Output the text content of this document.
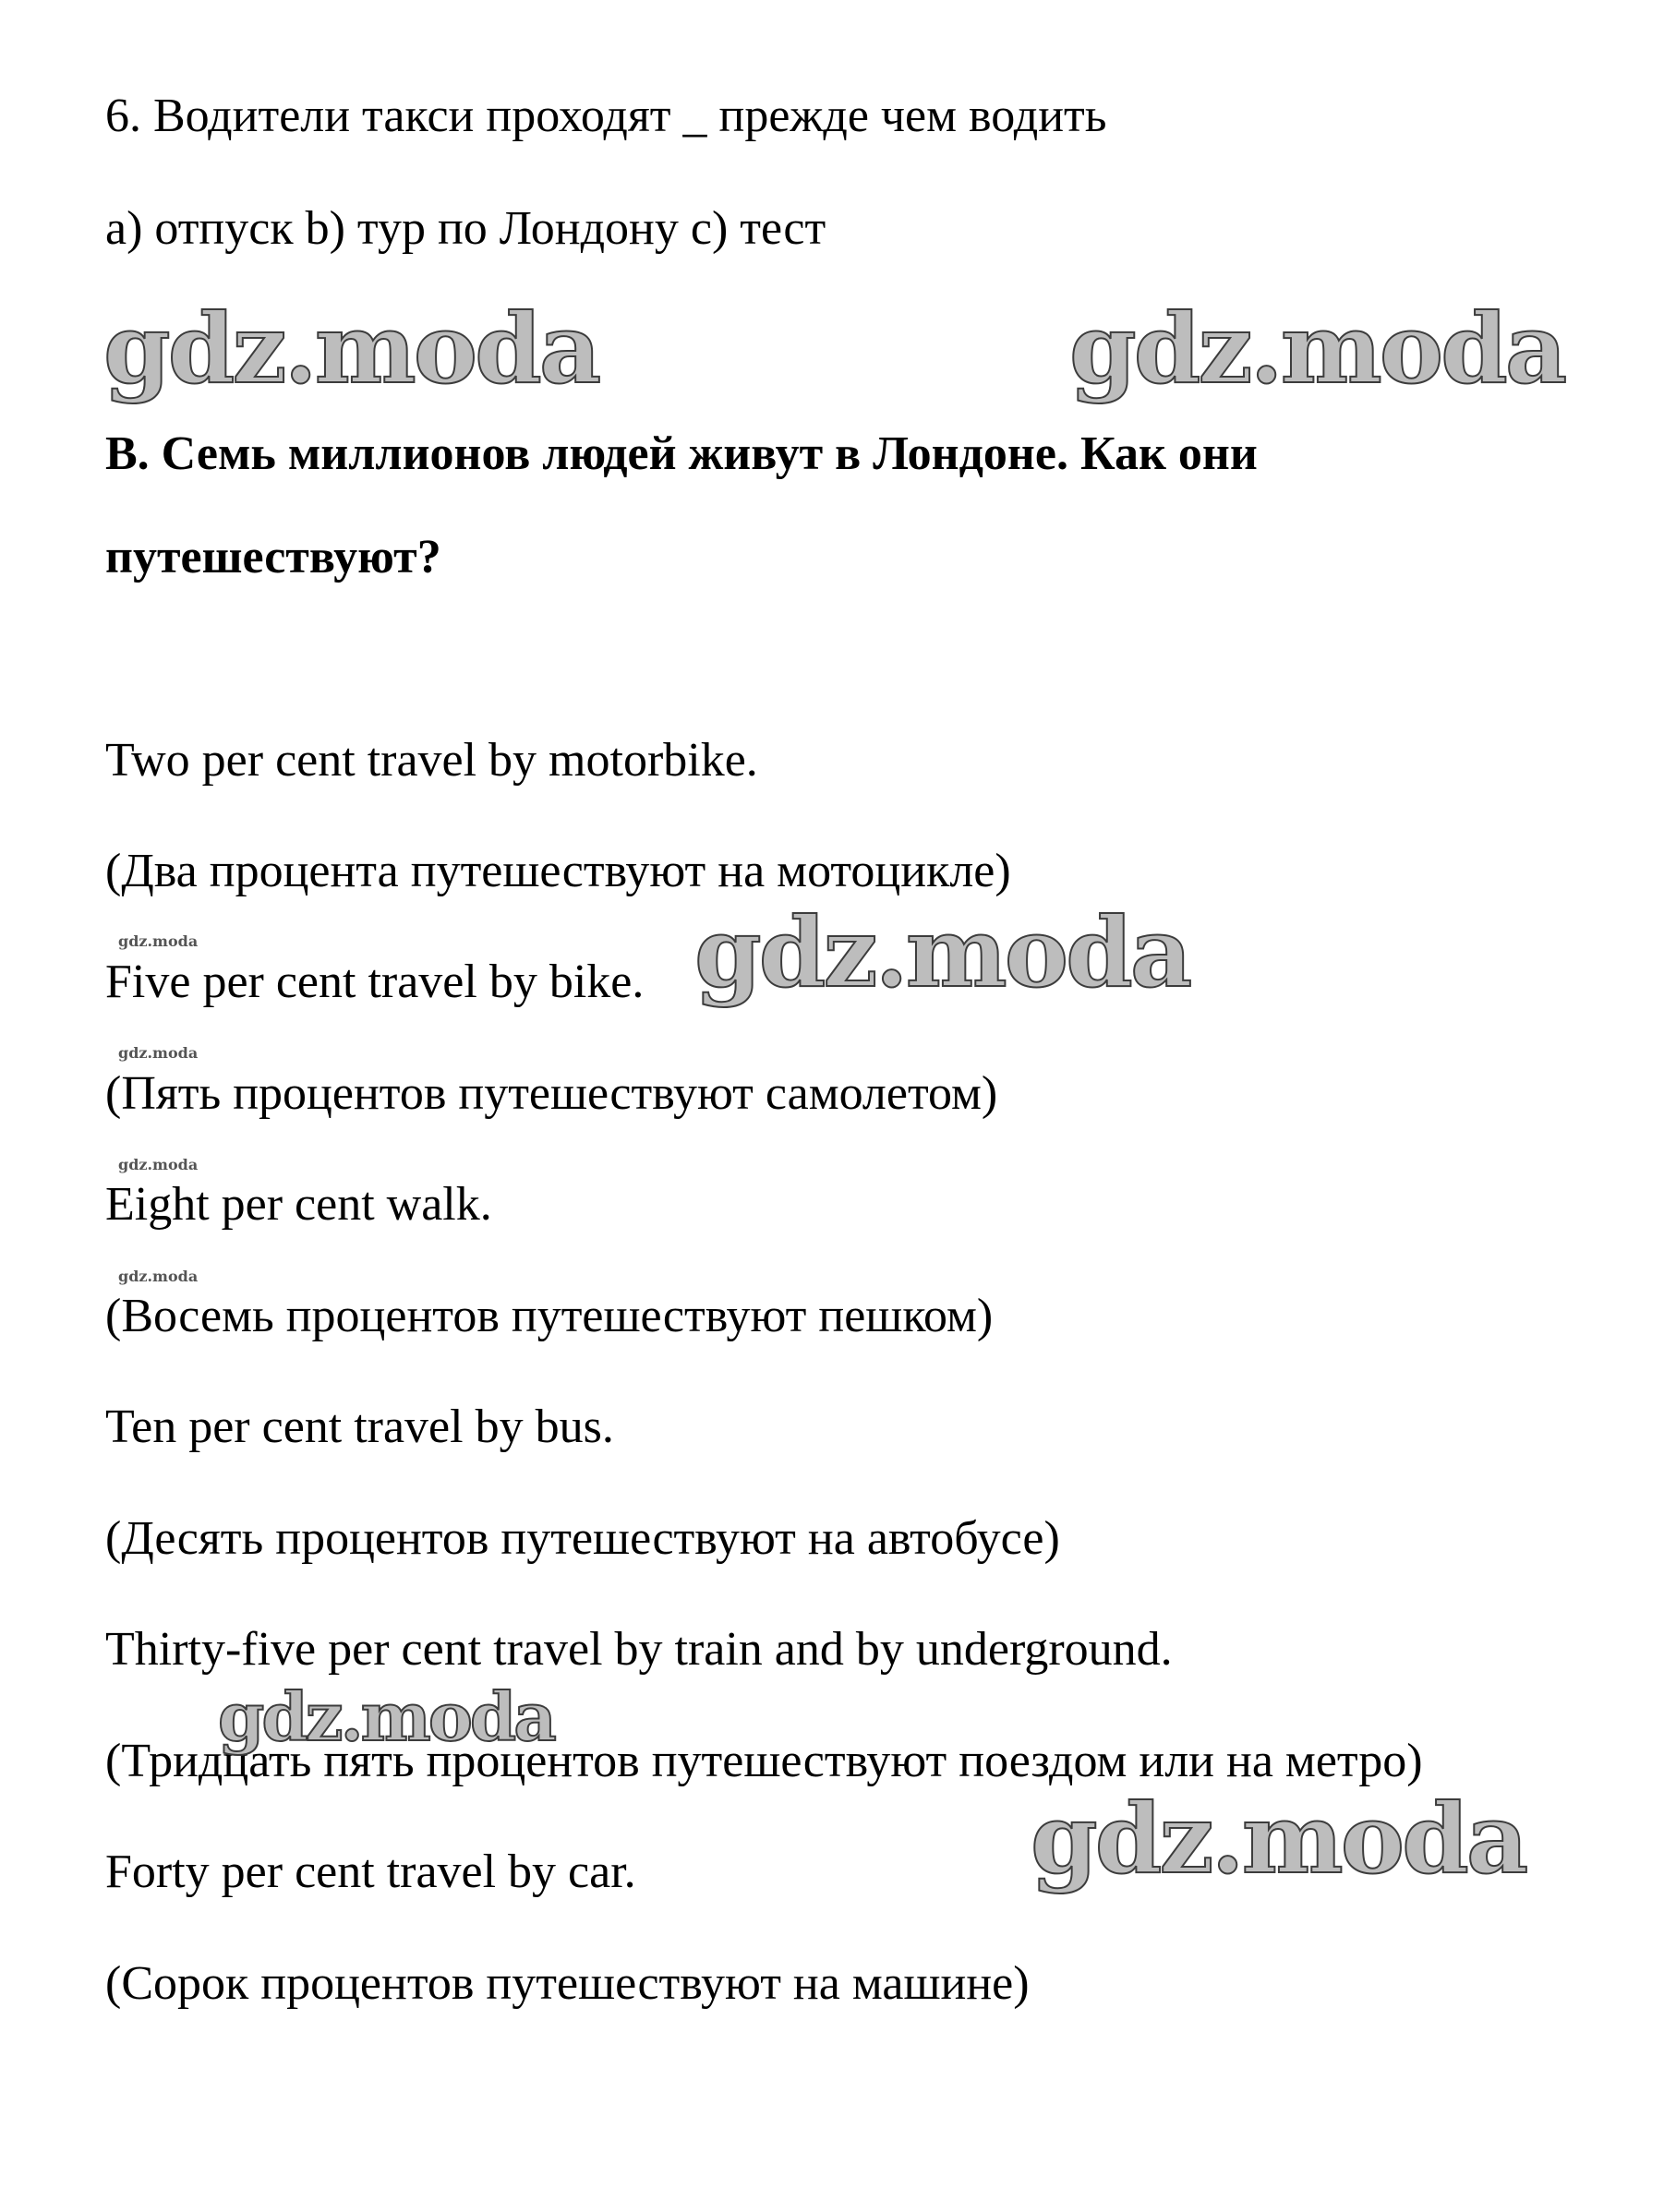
6. Водители такси проходят _ прежде чем водить
a) отпуск b) тур по Лондону c) тест
B. Семь миллионов людей живут в Лондоне. Как они путешествуют?
Two per cent travel by motorbike.
(Два процента путешествуют на мотоцикле)
Five per cent travel by bike.
(Пять процентов путешествуют самолетом)
Eight per cent walk.
(Восемь процентов путешествуют пешком)
Ten per cent travel by bus.
(Десять процентов путешествуют на автобусе)
Thirty-five per cent travel by train and by underground.
(Тридцать пять процентов путешествуют поездом или на метро)
Forty per cent travel by car.
(Сорок процентов путешествуют на машине)
gdz.moda	gdz.moda
gdz.moda
gdz.moda
gdz.moda
gdz.moda
gdz.moda
gdz.moda
gdz.moda
